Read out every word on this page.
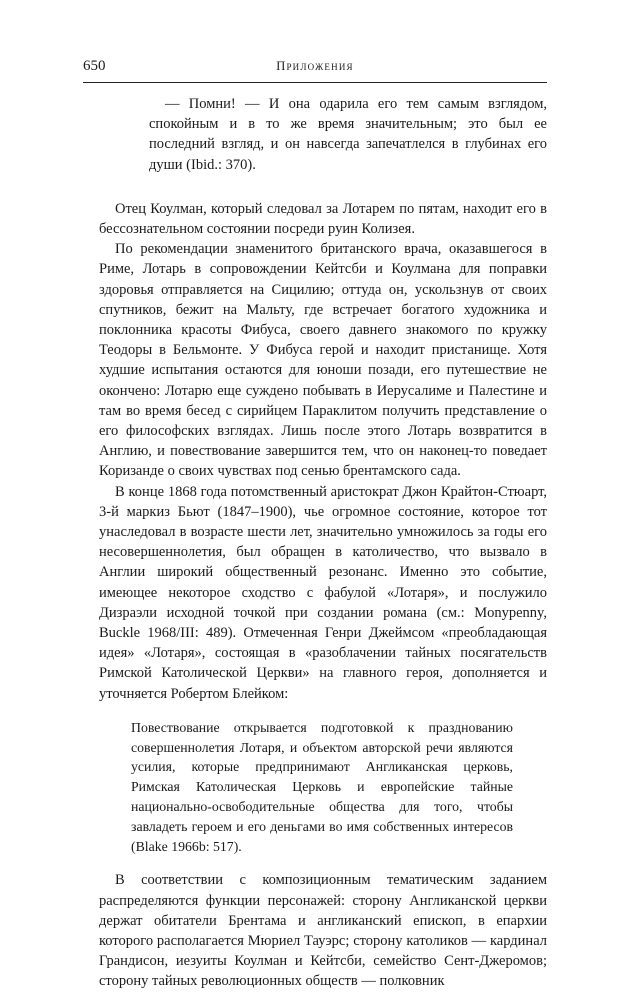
650	Приложения

— Помни! — И она одарила его тем самым взглядом, спокойным и в то же время значительным; это был ее последний взгляд, и он навсегда запечатлелся в глубинах его души (Ibid.: 370).

Отец Коулман, который следовал за Лотарем по пятам, находит его в бессознательном состоянии посреди руин Колизея.

По рекомендации знаменитого британского врача, оказавшегося в Риме, Лотарь в сопровождении Кейтсби и Коулмана для поправки здоровья отправляется на Сицилию; оттуда он, ускользнув от своих спутников, бежит на Мальту, где встречает богатого художника и поклонника красоты Фибуса, своего давнего знакомого по кружку Теодоры в Бельмонте. У Фибуса герой и находит пристанище. Хотя худшие испытания остаются для юноши позади, его путешествие не окончено: Лотарю еще суждено побывать в Иерусалиме и Палестине и там во время бесед с сирийцем Параклитом получить представление о его философских взглядах. Лишь после этого Лотарь возвратится в Англию, и повествование завершится тем, что он наконец-то поведает Коризанде о своих чувствах под сенью брентамского сада.

В конце 1868 года потомственный аристократ Джон Крайтон-Стюарт, 3-й маркиз Бьют (1847–1900), чье огромное состояние, которое тот унаследовал в возрасте шести лет, значительно умножилось за годы его несовершеннолетия, был обращен в католичество, что вызвало в Англии широкий общественный резонанс. Именно это событие, имеющее некоторое сходство с фабулой «Лотаря», и послужило Дизраэли исходной точкой при создании романа (см.: Monypenny, Buckle 1968/III: 489). Отмеченная Генри Джеймсом «преобладающая идея» «Лотаря», состоящая в «разоблачении тайных посягательств Римской Католической Церкви» на главного героя, дополняется и уточняется Робертом Блейком:

Повествование открывается подготовкой к празднованию совершеннолетия Лотаря, и объектом авторской речи являются усилия, которые предпринимают Англиканская церковь, Римская Католическая Церковь и европейские тайные национально-освободительные общества для того, чтобы завладеть героем и его деньгами во имя собственных интересов (Blake 1966b: 517).

В соответствии с композиционным тематическим заданием распределяются функции персонажей: сторону Англиканской церкви держат обитатели Брентама и англиканский епископ, в епархии которого располагается Мюриел Тауэрс; сторону католиков — кардинал Грандисон, иезуиты Коулман и Кейтсби, семейство Сент-Джеромов; сторону тайных революционных обществ — полковник
